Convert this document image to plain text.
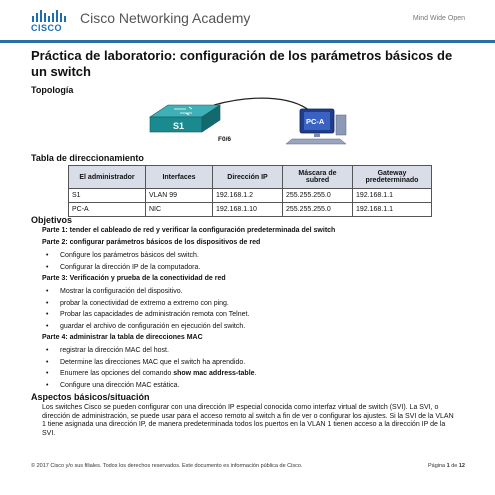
CISCO
Cisco Networking Academy	Mind Wide Open
Práctica de laboratorio: configuración de los parámetros básicos de un switch
Topología
S1
F0/6
PC-A
Tabla de direccionamiento
El administrador	Interfaces	Dirección IP	Máscara de subred	Gateway predeterminado
S1	VLAN 99	192.168.1.2	255.255.255.0	192.168.1.1
PC-A	NIC	192.168.1.10	255.255.255.0	192.168.1.1
Objetivos
Parte 1: tender el cableado de red y verificar la configuración predeterminada del switch
Parte 2: configurar parámetros básicos de los dispositivos de red
• Configure los parámetros básicos del switch.
• Configurar la dirección IP de la computadora.
Parte 3: Verificación y prueba de la conectividad de red
• Mostrar la configuración del dispositivo.
• probar la conectividad de extremo a extremo con ping.
• Probar las capacidades de administración remota con Telnet.
• guardar el archivo de configuración en ejecución del switch.
Parte 4: administrar la tabla de direcciones MAC
• registrar la dirección MAC del host.
• Determine las direcciones MAC que el switch ha aprendido.
• Enumere las opciones del comando show mac address-table.
• Configure una dirección MAC estática.
Aspectos básicos/situación
Los switches Cisco se pueden configurar con una dirección IP especial conocida como interfaz virtual de switch (SVI). La SVI, o dirección de administración, se puede usar para el acceso remoto al switch a fin de ver o configurar los ajustes. Si la SVI de la VLAN 1 tiene asignada una dirección IP, de manera predeterminada todos los puertos en la VLAN 1 tienen acceso a la dirección IP de la SVI.
© 2017 Cisco y/o sus filiales. Todos los derechos reservados. Este documento es información pública de Cisco.	Página 1 de 12
